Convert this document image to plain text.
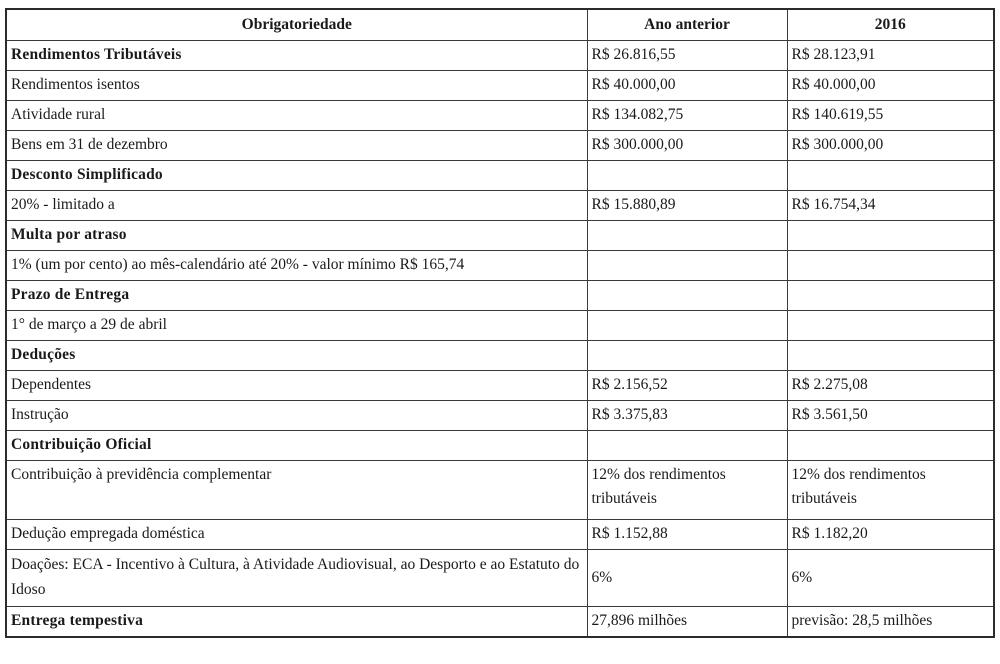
Obrigatoriedade	Ano anterior	2016
Rendimentos Tributáveis	R$ 26.816,55	R$ 28.123,91
Rendimentos isentos	R$ 40.000,00	R$ 40.000,00
Atividade rural	R$ 134.082,75	R$ 140.619,55
Bens em 31 de dezembro	R$ 300.000,00	R$ 300.000,00
Desconto Simplificado		
20% - limitado a	R$ 15.880,89	R$ 16.754,34
Multa por atraso		
1% (um por cento) ao mês-calendário até 20% - valor mínimo R$ 165,74		
Prazo de Entrega		
1° de março a 29 de abril		
Deduções		
Dependentes	R$ 2.156,52	R$ 2.275,08
Instrução	R$ 3.375,83	R$ 3.561,50
Contribuição Oficial		
Contribuição à previdência complementar	12% dos rendimentos tributáveis	12% dos rendimentos tributáveis
Dedução empregada doméstica	R$ 1.152,88	R$ 1.182,20
Doações: ECA - Incentivo à Cultura, à Atividade Audiovisual, ao Desporto e ao Estatuto do Idoso	6%	6%
Entrega tempestiva	27,896 milhões	previsão: 28,5 milhões
